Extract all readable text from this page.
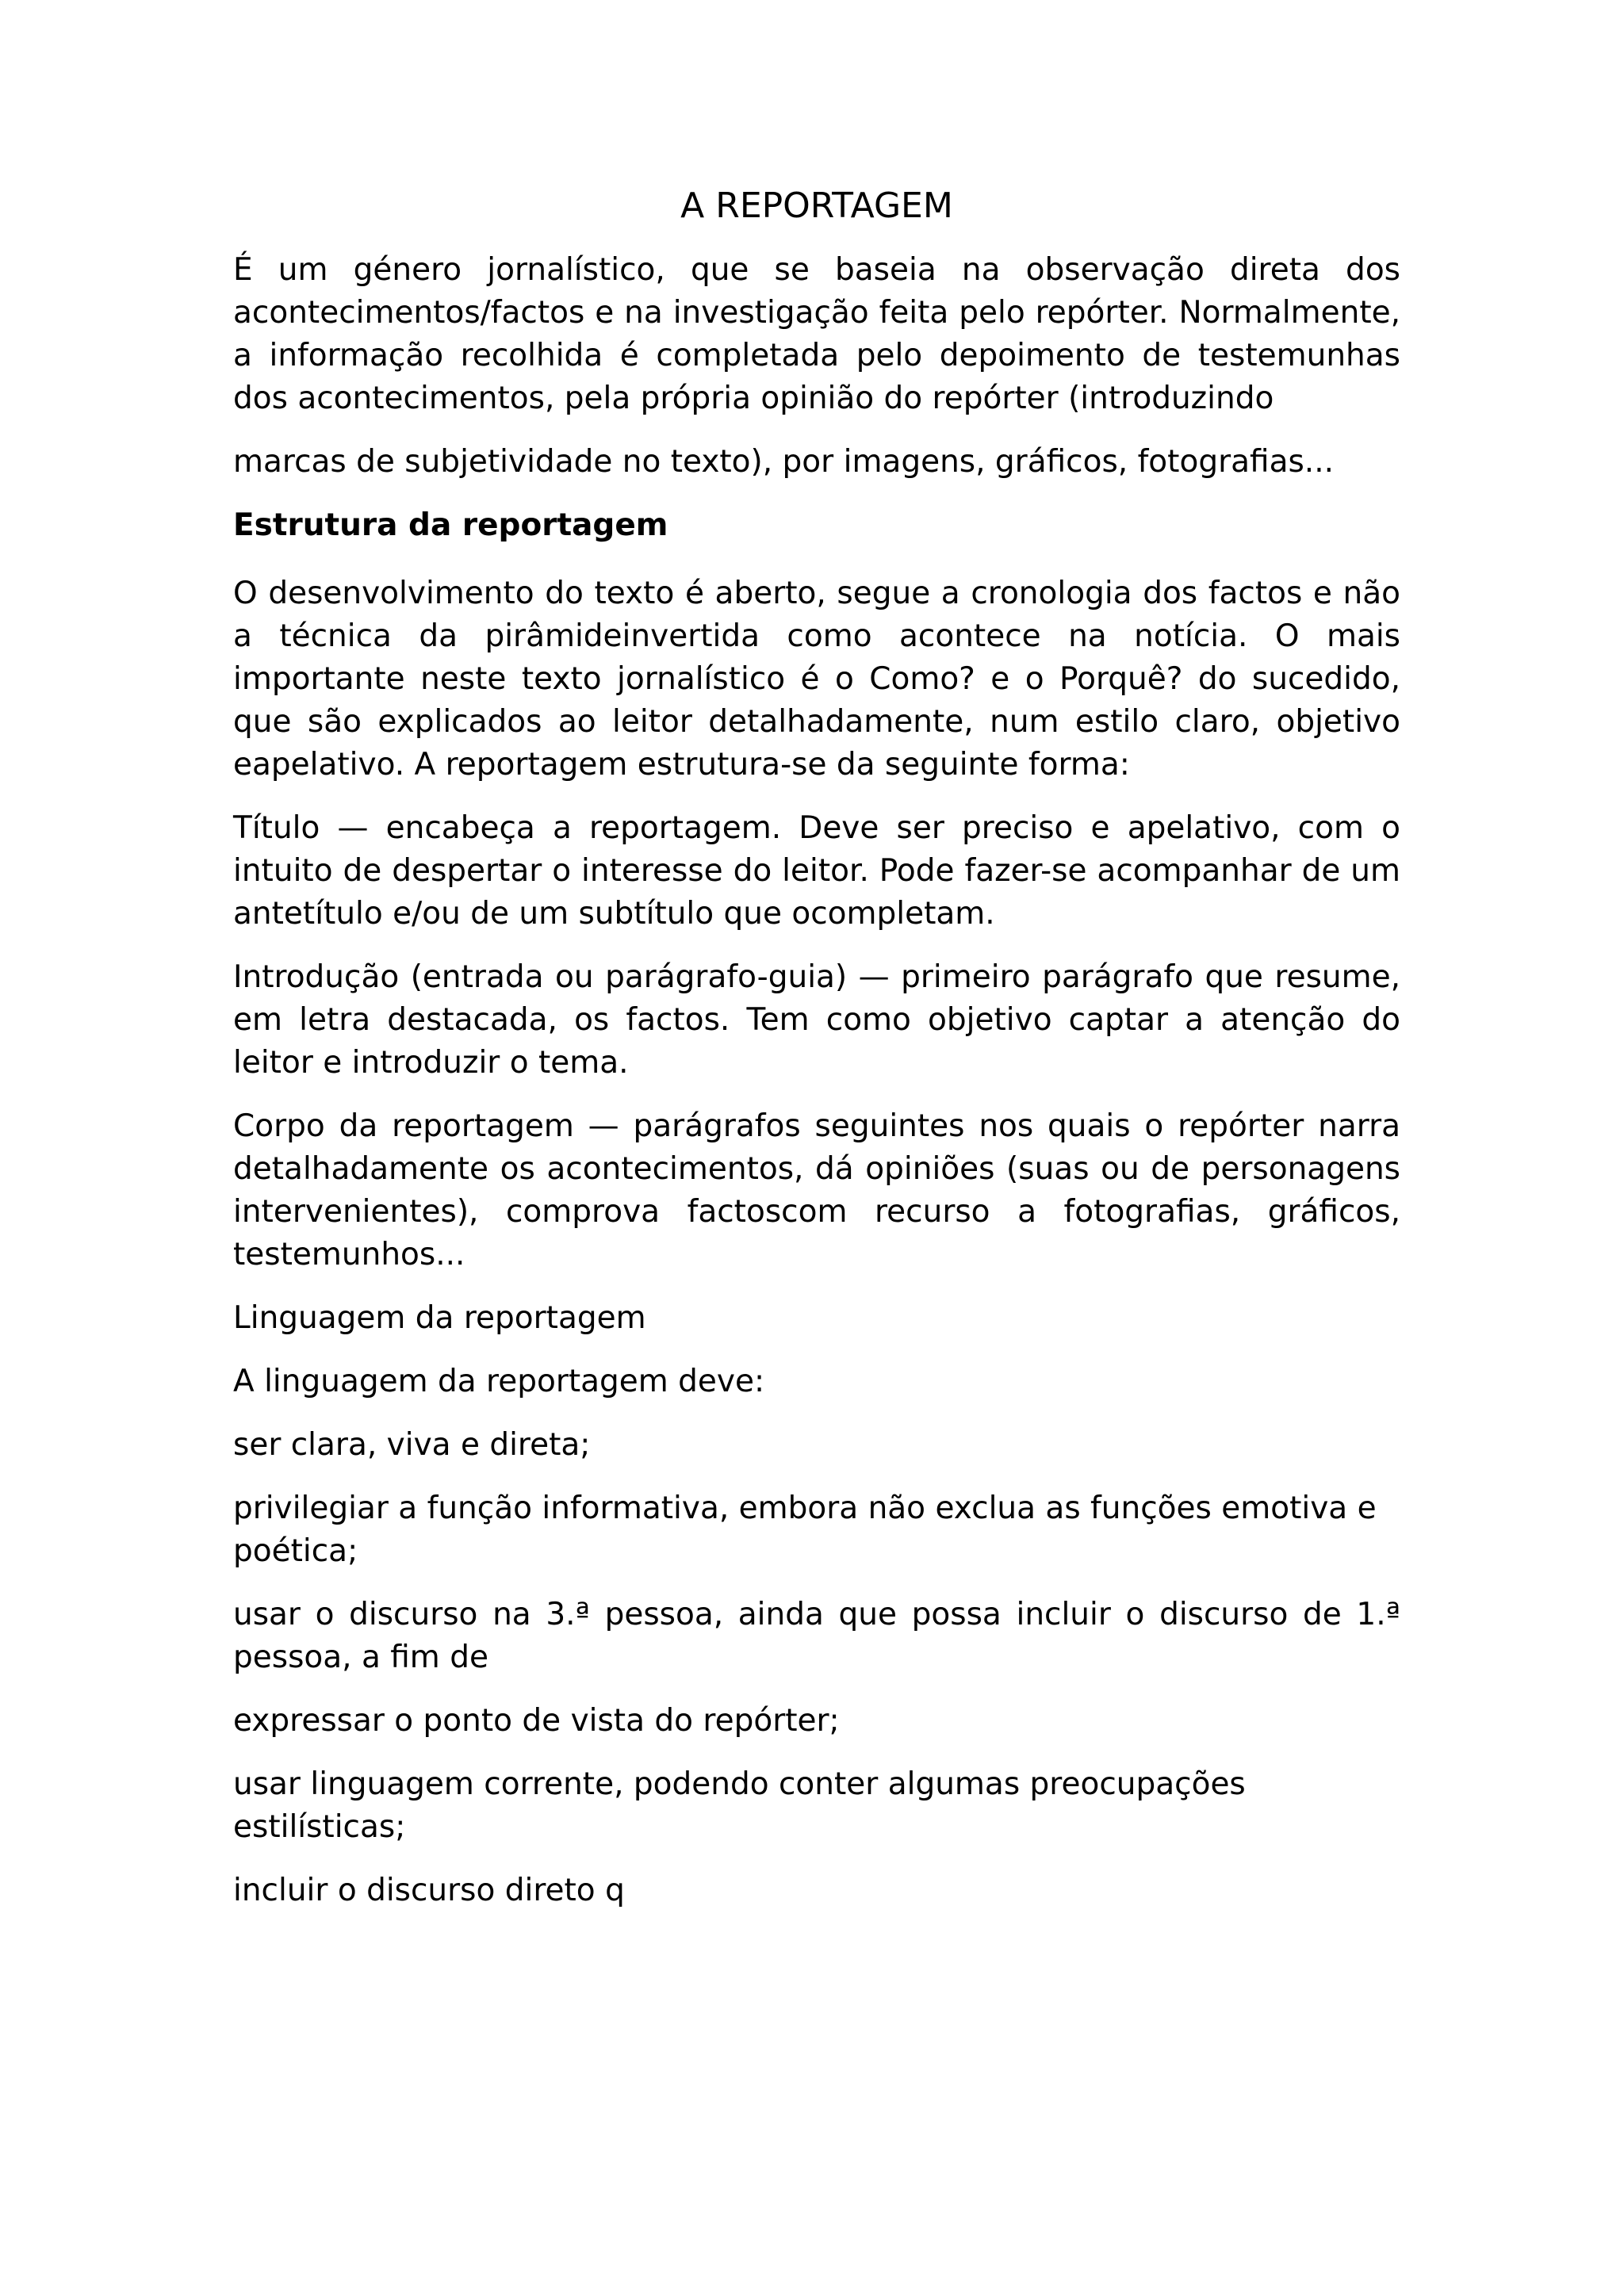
A REPORTAGEM

É um género jornalístico, que se baseia na observação direta dos acontecimentos/factos e na investigação feita pelo repórter. Normalmente, a informação recolhida é completada pelo depoimento de testemunhas dos acontecimentos, pela própria opinião do repórter (introduzindo

marcas de subjetividade no texto), por imagens, gráficos, fotografias...

Estrutura da reportagem

O desenvolvimento do texto é aberto, segue a cronologia dos factos e não a técnica da pirâmideinvertida como acontece na notícia. O mais importante neste texto jornalístico é o Como? e o Porquê? do sucedido, que são explicados ao leitor detalhadamente, num estilo claro, objetivo eapelativo. A reportagem estrutura-se da seguinte forma:

Título — encabeça a reportagem. Deve ser preciso e apelativo, com o intuito de despertar o interesse do leitor. Pode fazer-se acompanhar de um antetítulo e/ou de um subtítulo que ocompletam.

Introdução (entrada ou parágrafo-guia) — primeiro parágrafo que resume, em letra destacada, os factos. Tem como objetivo captar a atenção do leitor e introduzir o tema.

Corpo da reportagem — parágrafos seguintes nos quais o repórter narra detalhadamente os acontecimentos, dá opiniões (suas ou de personagens intervenientes), comprova factoscom recurso a fotografias, gráficos, testemunhos...

Linguagem da reportagem

A linguagem da reportagem deve:

ser clara, viva e direta;

privilegiar a função informativa, embora não exclua as funções emotiva e poética;

usar o discurso na 3.ª pessoa, ainda que possa incluir o discurso de 1.ª pessoa, a fim de

expressar o ponto de vista do repórter;

usar linguagem corrente, podendo conter algumas preocupações estilísticas;

incluir o discurso direto q
